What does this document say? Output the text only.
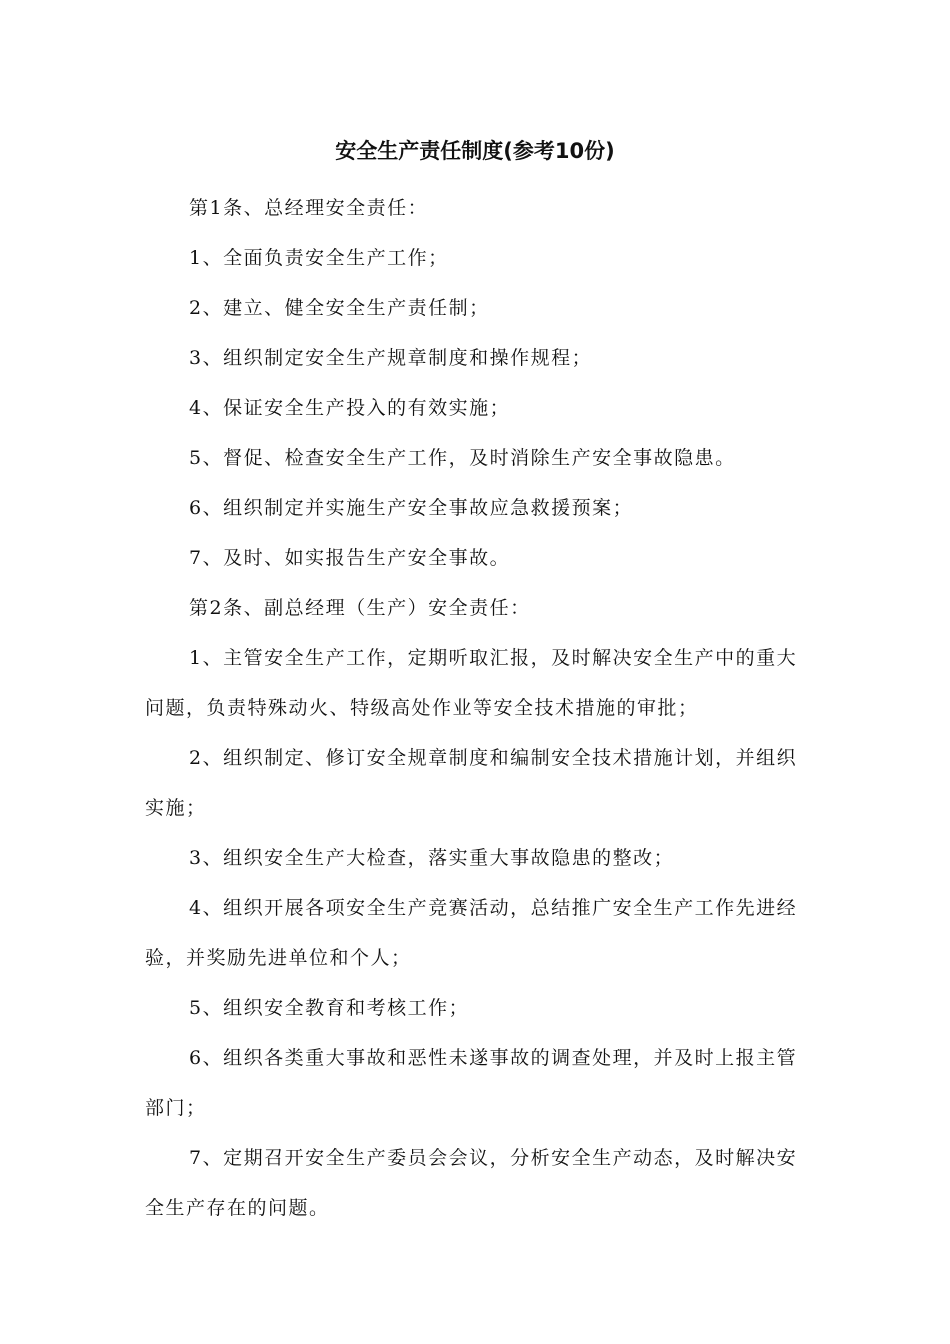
安全生产责任制度(参考10份)

第1条、总经理安全责任：

1、全面负责安全生产工作；

2、建立、健全安全生产责任制；

3、组织制定安全生产规章制度和操作规程；

4、保证安全生产投入的有效实施；

5、督促、检查安全生产工作，及时消除生产安全事故隐患。

6、组织制定并实施生产安全事故应急救援预案；

7、及时、如实报告生产安全事故。

第2条、副总经理（生产）安全责任：

1、主管安全生产工作，定期听取汇报，及时解决安全生产中的重大问题，负责特殊动火、特级高处作业等安全技术措施的审批；

2、组织制定、修订安全规章制度和编制安全技术措施计划，并组织实施；

3、组织安全生产大检查，落实重大事故隐患的整改；

4、组织开展各项安全生产竞赛活动，总结推广安全生产工作先进经验，并奖励先进单位和个人；

5、组织安全教育和考核工作；

6、组织各类重大事故和恶性未遂事故的调查处理，并及时上报主管部门；

7、定期召开安全生产委员会会议，分析安全生产动态，及时解决安全生产存在的问题。
